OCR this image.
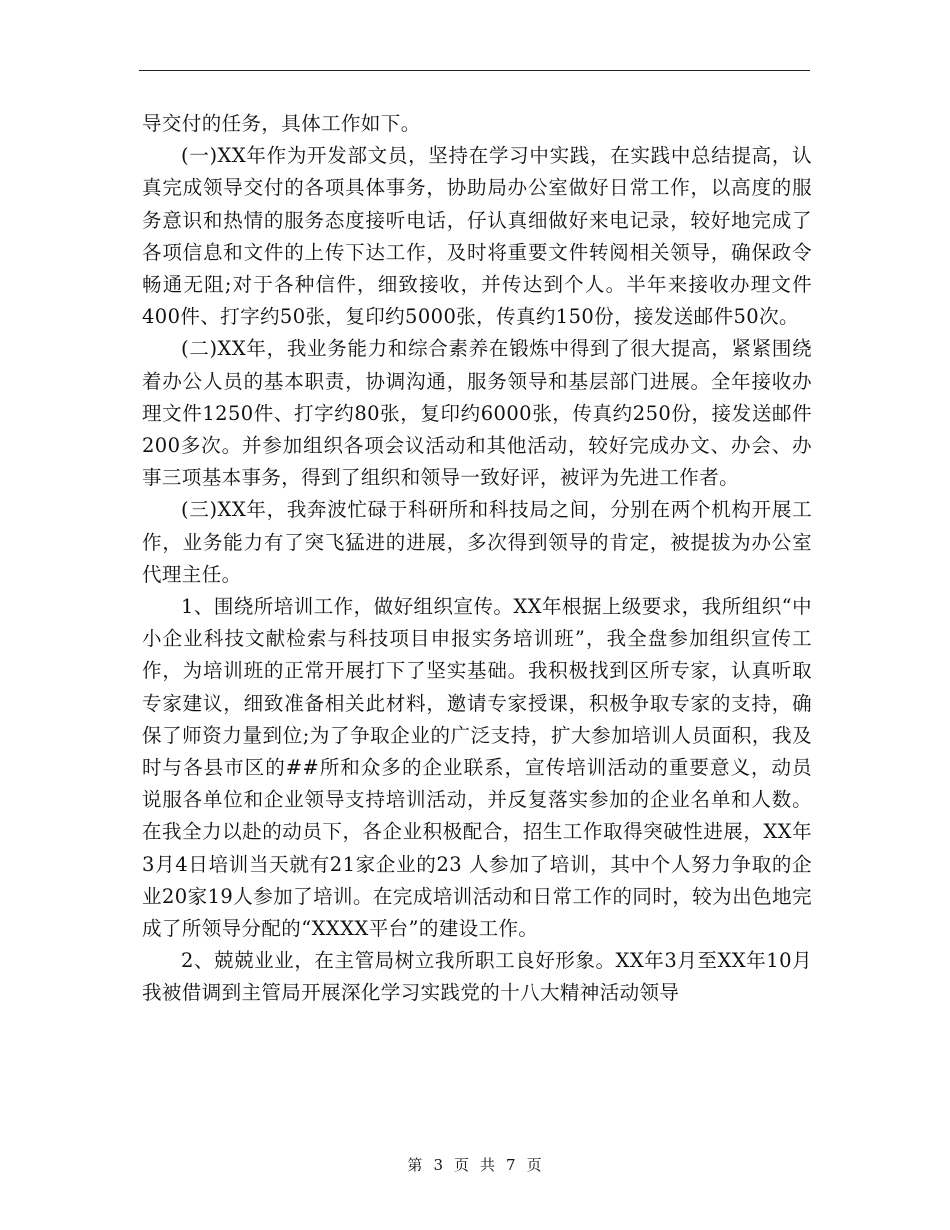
导交付的任务，具体工作如下。

(一)XX年作为开发部文员，坚持在学习中实践，在实践中总结提高，认真完成领导交付的各项具体事务，协助局办公室做好日常工作，以高度的服务意识和热情的服务态度接听电话，仔认真细做好来电记录，较好地完成了各项信息和文件的上传下达工作，及时将重要文件转阅相关领导，确保政令畅通无阻;对于各种信件，细致接收，并传达到个人。半年来接收办理文件400件、打字约50张，复印约5000张，传真约150份，接发送邮件50次。

(二)XX年，我业务能力和综合素养在锻炼中得到了很大提高，紧紧围绕着办公人员的基本职责，协调沟通，服务领导和基层部门进展。全年接收办理文件1250件、打字约80张，复印约6000张，传真约250份，接发送邮件200多次。并参加组织各项会议活动和其他活动，较好完成办文、办会、办事三项基本事务，得到了组织和领导一致好评，被评为先进工作者。

(三)XX年，我奔波忙碌于科研所和科技局之间，分别在两个机构开展工作，业务能力有了突飞猛进的进展，多次得到领导的肯定，被提拔为办公室代理主任。

1、围绕所培训工作，做好组织宣传。XX年根据上级要求，我所组织“中小企业科技文献检索与科技项目申报实务培训班”，我全盘参加组织宣传工作，为培训班的正常开展打下了坚实基础。我积极找到区所专家，认真听取专家建议，细致准备相关此材料，邀请专家授课，积极争取专家的支持，确保了师资力量到位;为了争取企业的广泛支持，扩大参加培训人员面积，我及时与各县市区的##所和众多的企业联系，宣传培训活动的重要意义，动员说服各单位和企业领导支持培训活动，并反复落实参加的企业名单和人数。在我全力以赴的动员下，各企业积极配合，招生工作取得突破性进展，XX年3月4日培训当天就有21家企业的23 人参加了培训，其中个人努力争取的企业20家19人参加了培训。在完成培训活动和日常工作的同时，较为出色地完成了所领导分配的“XXXX平台”的建设工作。

2、兢兢业业，在主管局树立我所职工良好形象。XX年3月至XX年10月我被借调到主管局开展深化学习实践党的十八大精神活动领导

第 3 页 共 7 页
